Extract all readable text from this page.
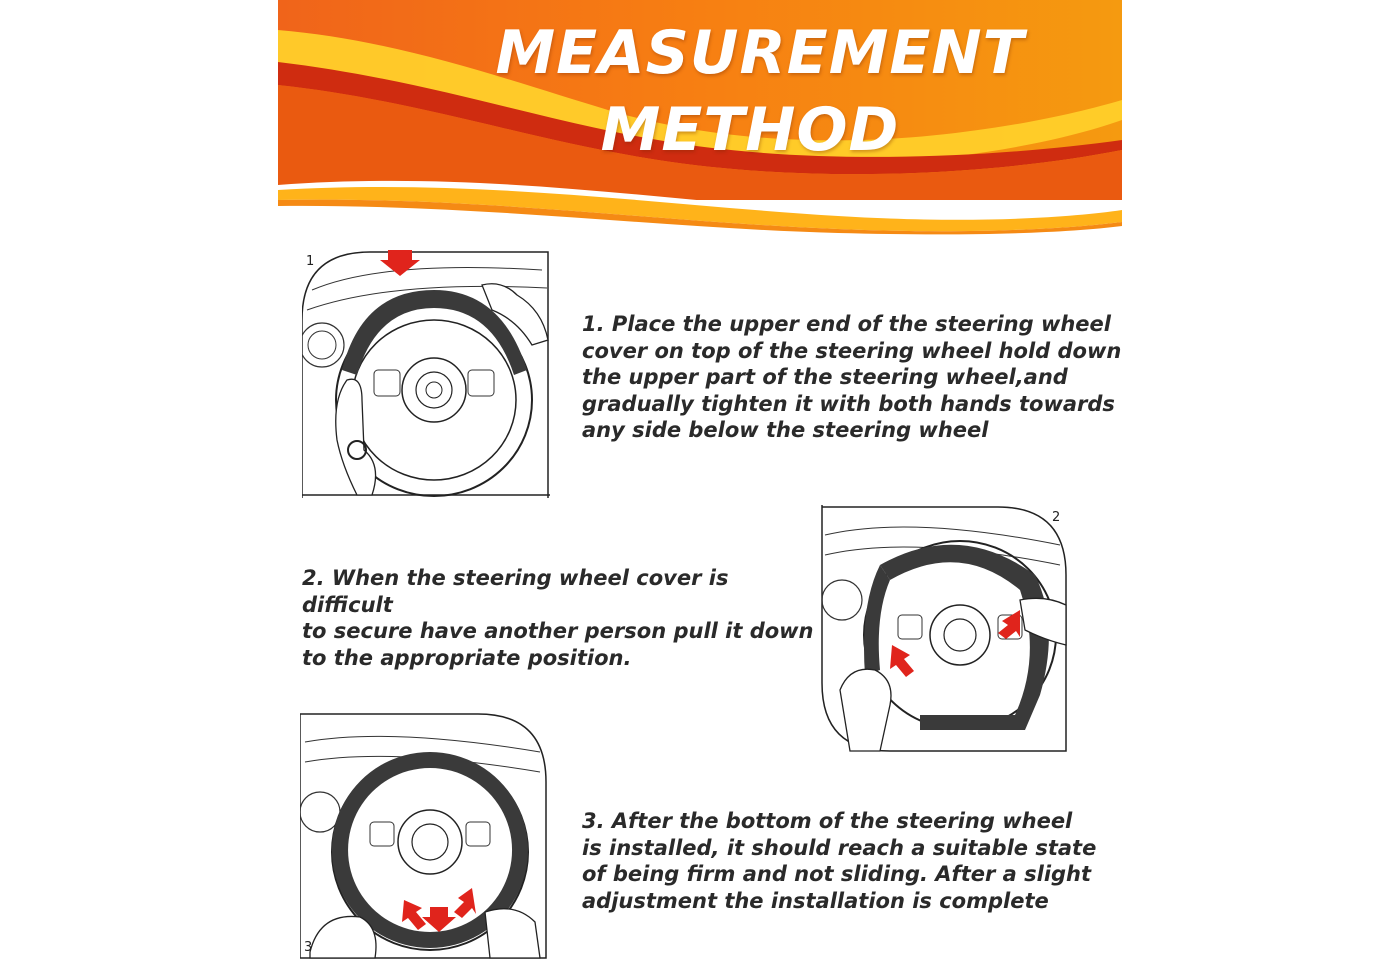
MEASUREMENT
METHOD
1
1. Place the upper end of the steering wheel
cover on top of the steering wheel hold down
the upper part of the steering wheel,and
gradually tighten it with both hands towards
any side below the steering wheel
2. When the steering wheel cover is difficult
to secure have another person pull it down
to the appropriate position.
2
3
3. After the bottom of the steering wheel
is installed, it should reach a suitable state
of being firm and not sliding. After a slight
adjustment the installation is complete
